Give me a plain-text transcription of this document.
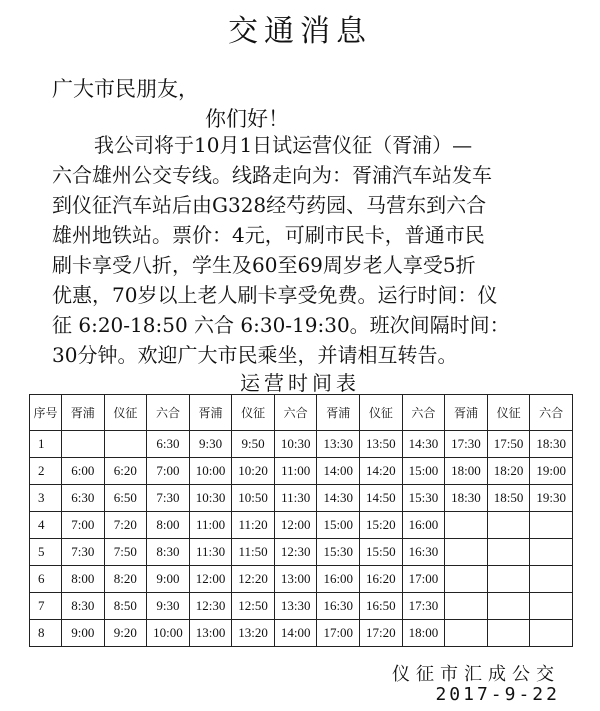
交通消息
广大市民朋友，
你们好！
我公司将于10月1日试运营仪征（胥浦）—
六合雄州公交专线。线路走向为：胥浦汽车站发车
到仪征汽车站后由G328经芍药园、马营东到六合
雄州地铁站。票价：4元，可刷市民卡，普通市民
刷卡享受八折，学生及60至69周岁老人享受5折
优惠，70岁以上老人刷卡享受免费。运行时间：仪
征 6:20-18:50 六合 6:30-19:30。班次间隔时间：
30分钟。欢迎广大市民乘坐，并请相互转告。
运营时间表
序号	胥浦	仪征	六合	胥浦	仪征	六合	胥浦	仪征	六合	胥浦	仪征	六合
1			6:30	9:30	9:50	10:30	13:30	13:50	14:30	17:30	17:50	18:30
2	6:00	6:20	7:00	10:00	10:20	11:00	14:00	14:20	15:00	18:00	18:20	19:00
3	6:30	6:50	7:30	10:30	10:50	11:30	14:30	14:50	15:30	18:30	18:50	19:30
4	7:00	7:20	8:00	11:00	11:20	12:00	15:00	15:20	16:00			
5	7:30	7:50	8:30	11:30	11:50	12:30	15:30	15:50	16:30			
6	8:00	8:20	9:00	12:00	12:20	13:00	16:00	16:20	17:00			
7	8:30	8:50	9:30	12:30	12:50	13:30	16:30	16:50	17:30			
8	9:00	9:20	10:00	13:00	13:20	14:00	17:00	17:20	18:00			
仪征市汇成公交
2017-9-22
